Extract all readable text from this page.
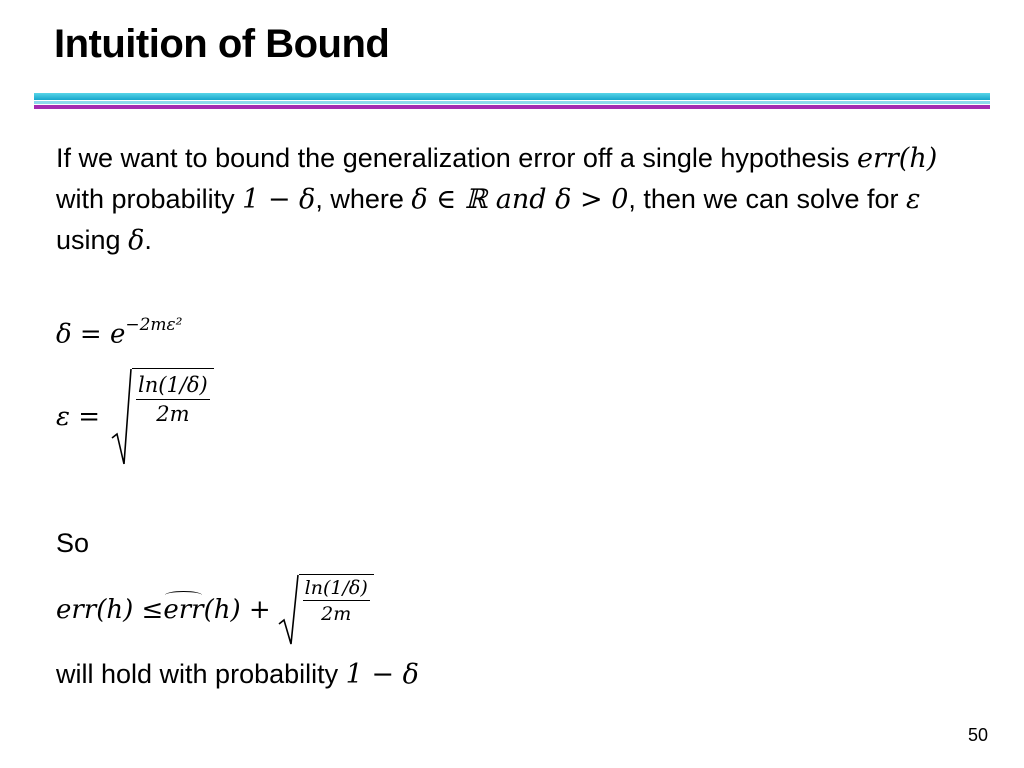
Intuition of Bound
If we want to bound the generalization error off a single hypothesis err(h) with probability 1 − δ, where δ ∈ ℝ and δ > 0, then we can solve for ε using δ.
$\delta = e^{-2m\varepsilon^2}$
$\varepsilon = \frac{\ln(1/\delta)}{2m}$
So
err(h) ≤ err $(h) + \frac{\ln(1/\delta)}{2m}$
will hold with probability 1 − δ
50
